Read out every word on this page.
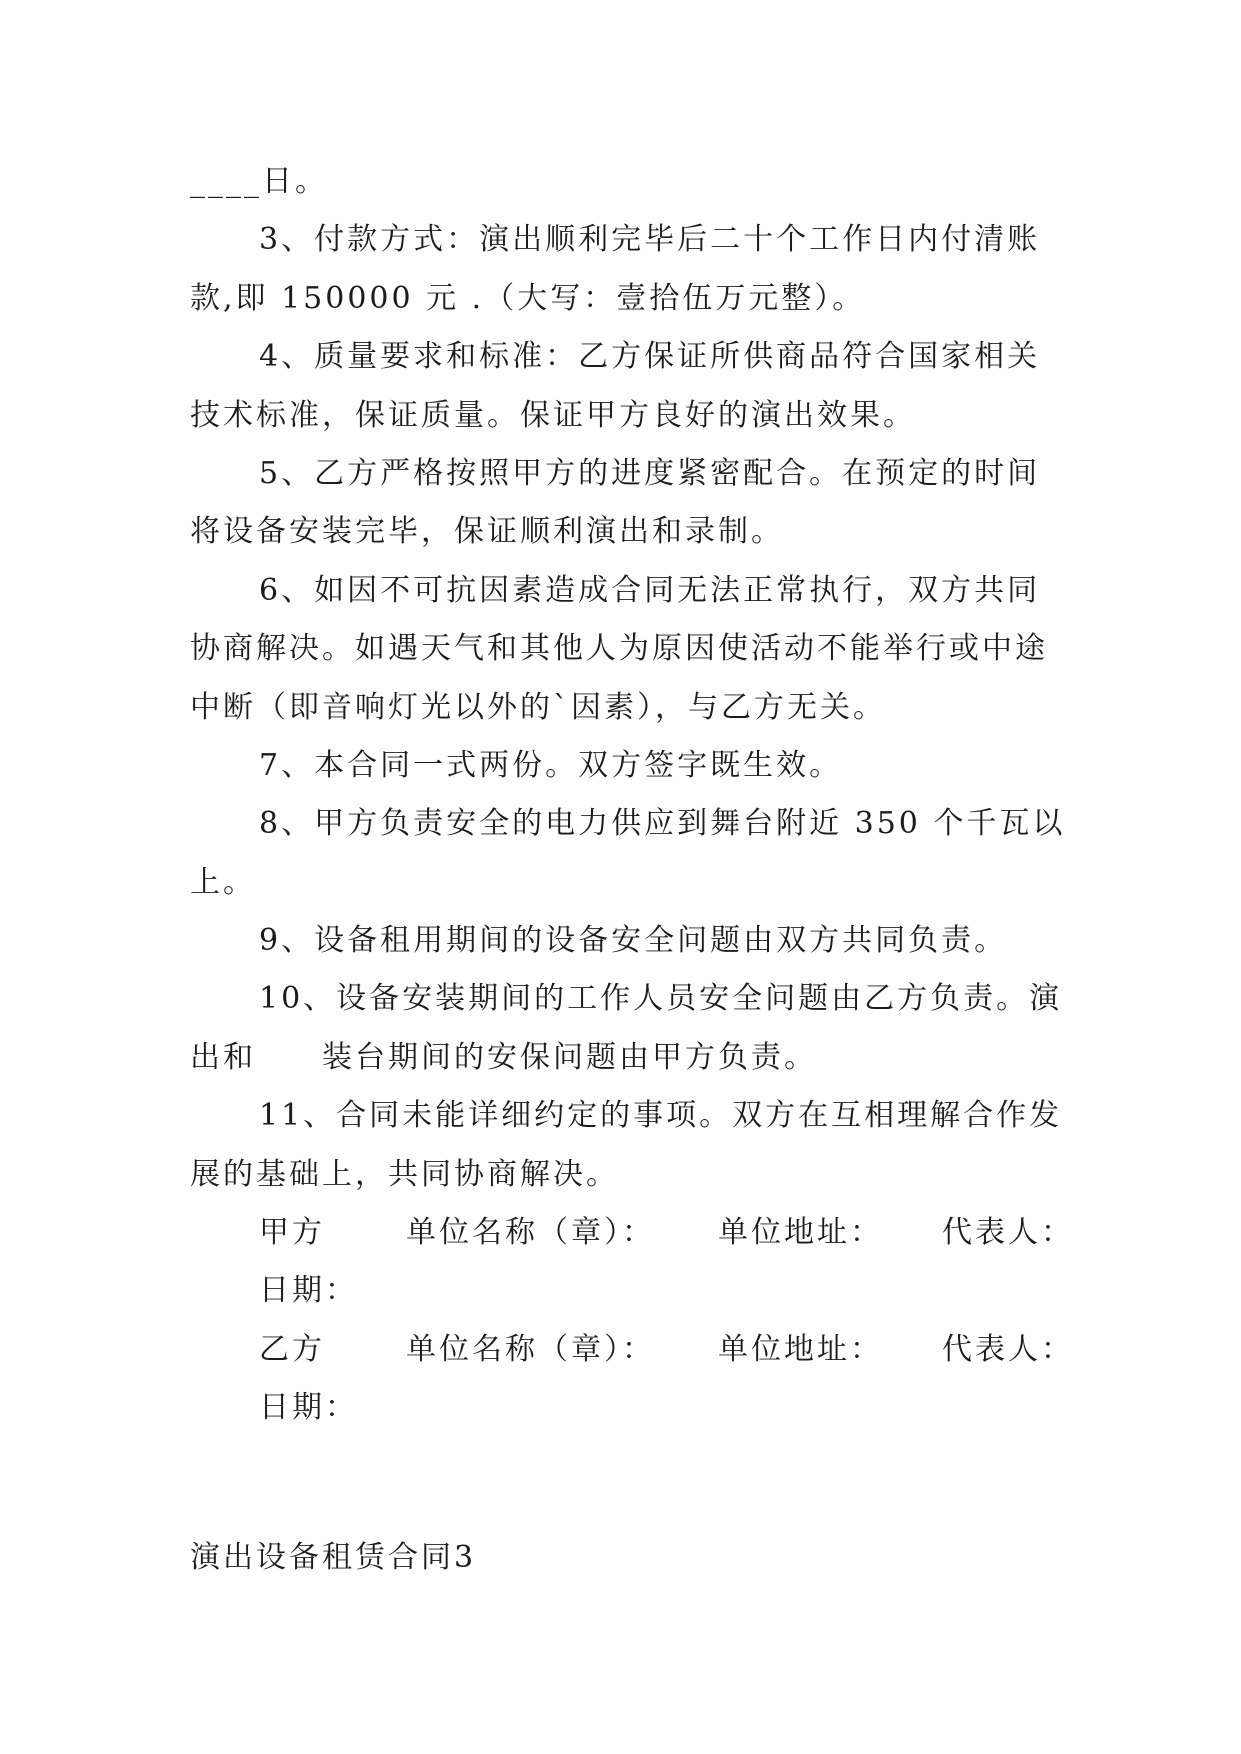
____日。
3、付款方式：演出顺利完毕后二十个工作日内付清账
款,即 150000 元 .（大写：壹拾伍万元整）。
4、质量要求和标准：乙方保证所供商品符合国家相关
技术标准，保证质量。保证甲方良好的演出效果。
5、乙方严格按照甲方的进度紧密配合。在预定的时间
将设备安装完毕，保证顺利演出和录制。
6、如因不可抗因素造成合同无法正常执行，双方共同
协商解决。如遇天气和其他人为原因使活动不能举行或中途
中断（即音响灯光以外的`因素），与乙方无关。
7、本合同一式两份。双方签字既生效。
8、甲方负责安全的电力供应到舞台附近 350 个千瓦以
上。
9、设备租用期间的设备安全问题由双方共同负责。
10、设备安装期间的工作人员安全问题由乙方负责。演
出和　　装台期间的安保问题由甲方负责。
11、合同未能详细约定的事项。双方在互相理解合作发
展的基础上，共同协商解决。
甲方	单位名称（章）： 单位地址： 代表人：
日期：
乙方	单位名称（章）： 单位地址： 代表人：
日期：
演出设备租赁合同3
